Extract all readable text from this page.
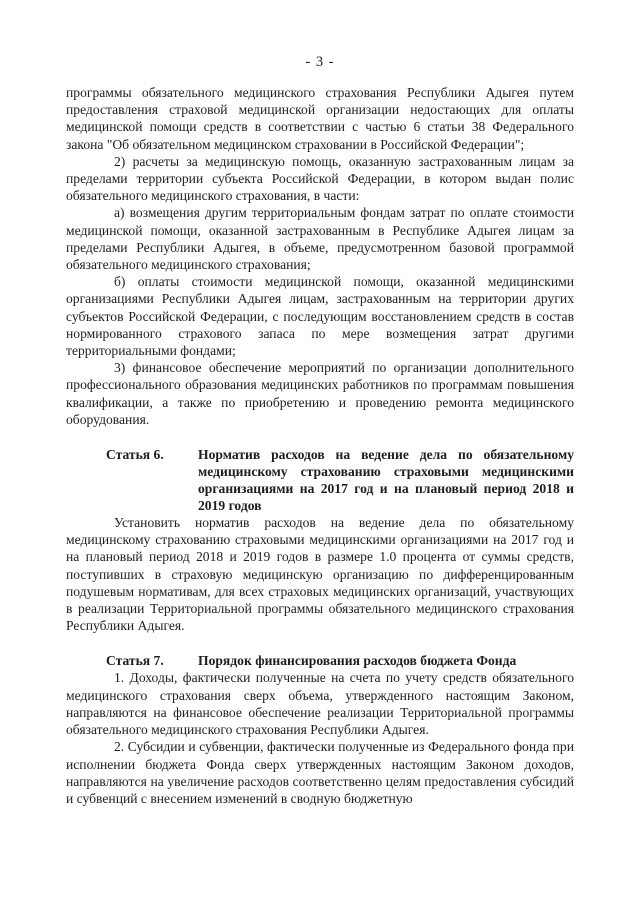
- 3 -

программы обязательного медицинского страхования Республики Адыгея путем предоставления страховой медицинской организации недостающих для оплаты медицинской помощи средств в соответствии с частью 6 статьи 38 Федерального закона "Об обязательном медицинском страховании в Российской Федерации";

2) расчеты за медицинскую помощь, оказанную застрахованным лицам за пределами территории субъекта Российской Федерации, в котором выдан полис обязательного медицинского страхования, в части:

а) возмещения другим территориальным фондам затрат по оплате стоимости медицинской помощи, оказанной застрахованным в Республике Адыгея лицам за пределами Республики Адыгея, в объеме, предусмотренном базовой программой обязательного медицинского страхования;

б) оплаты стоимости медицинской помощи, оказанной медицинскими организациями Республики Адыгея лицам, застрахованным на территории других субъектов Российской Федерации, с последующим восстановлением средств в состав нормированного страхового запаса по мере возмещения затрат другими территориальными фондами;

3) финансовое обеспечение мероприятий по организации дополнительного профессионального образования медицинских работников по программам повышения квалификации, а также по приобретению и проведению ремонта медицинского оборудования.

Статья 6.	Норматив расходов на ведение дела по обязательному медицинскому страхованию страховыми медицинскими организациями на 2017 год и на плановый период 2018 и 2019 годов

Установить норматив расходов на ведение дела по обязательному медицинскому страхованию страховыми медицинскими организациями на 2017 год и на плановый период 2018 и 2019 годов в размере 1.0 процента от суммы средств, поступивших в страховую медицинскую организацию по дифференцированным подушевым нормативам, для всех страховых медицинских организаций, участвующих в реализации Территориальной программы обязательного медицинского страхования Республики Адыгея.

Статья 7.	Порядок финансирования расходов бюджета Фонда

1. Доходы, фактически полученные на счета по учету средств обязательного медицинского страхования сверх объема, утвержденного настоящим Законом, направляются на финансовое обеспечение реализации Территориальной программы обязательного медицинского страхования Республики Адыгея.

2. Субсидии и субвенции, фактически полученные из Федерального фонда при исполнении бюджета Фонда сверх утвержденных настоящим Законом доходов, направляются на увеличение расходов соответственно целям предоставления субсидий и субвенций с внесением изменений в сводную бюджетную
